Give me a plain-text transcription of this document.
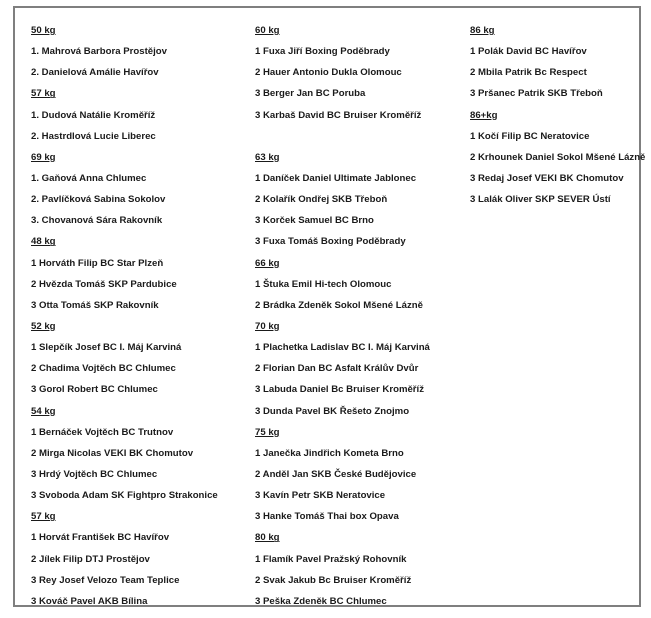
50 kg
1. Mahrová Barbora Prostějov
2. Danielová Amálie Havířov
57 kg
1. Dudová Natálie Kroměříž
2. Hastrdlová Lucie Liberec
69 kg
1. Gaňová Anna Chlumec
2. Pavlíčková Sabina Sokolov
3. Chovanová Sára Rakovník
48 kg
1 Horváth Filip BC Star Plzeň
2 Hvězda Tomáš SKP Pardubice
3 Otta Tomáš SKP Rakovník
52 kg
1 Slepčík Josef BC I. Máj Karviná
2 Chadima Vojtěch BC Chlumec
3 Gorol Robert BC Chlumec
54 kg
1 Bernáček Vojtěch BC Trutnov
2 Mirga Nicolas VEKI BK Chomutov
3 Hrdý Vojtěch BC Chlumec
3 Svoboda Adam SK Fightpro Strakonice
57 kg
1 Horvát František BC Havířov
2 Jílek Filip DTJ Prostějov
3 Rey Josef Velozo Team Teplice
3 Kováč Pavel AKB Bílina
60 kg
1 Fuxa Jiří Boxing Poděbrady
2 Hauer Antonio Dukla Olomouc
3 Berger Jan BC Poruba
3 Karbaš David BC Bruiser Kroměříž
63 kg
1 Daníček Daniel Ultimate Jablonec
2 Kolařík Ondřej SKB Třeboň
3 Korček Samuel BC Brno
3 Fuxa Tomáš Boxing Poděbrady
66 kg
1 Štuka Emil Hi-tech Olomouc
2 Brádka Zdeněk Sokol Mšené Lázně
70 kg
1 Plachetka Ladislav BC I. Máj Karviná
2 Florian Dan BC Asfalt Králův Dvůr
3 Labuda Daniel Bc Bruiser Kroměříž
3 Dunda Pavel BK Řešeto Znojmo
75 kg
1 Janečka Jindřich Kometa Brno
2 Anděl Jan SKB České Budějovice
3 Kavín Petr SKB Neratovice
3 Hanke Tomáš Thai box Opava
80 kg
1 Flamík Pavel Pražský Rohovník
2 Svak Jakub Bc Bruiser Kroměříž
3 Peška Zdeněk BC Chlumec
86 kg
1 Polák David BC Havířov
2 Mbila Patrik Bc Respect
3 Pršanec Patrik SKB Třeboň
86+kg
1 Kočí Filip BC Neratovice
2 Krhounek Daniel Sokol Mšené Lázně
3 Redaj Josef VEKI BK Chomutov
3 Lalák Oliver SKP SEVER Ústí
